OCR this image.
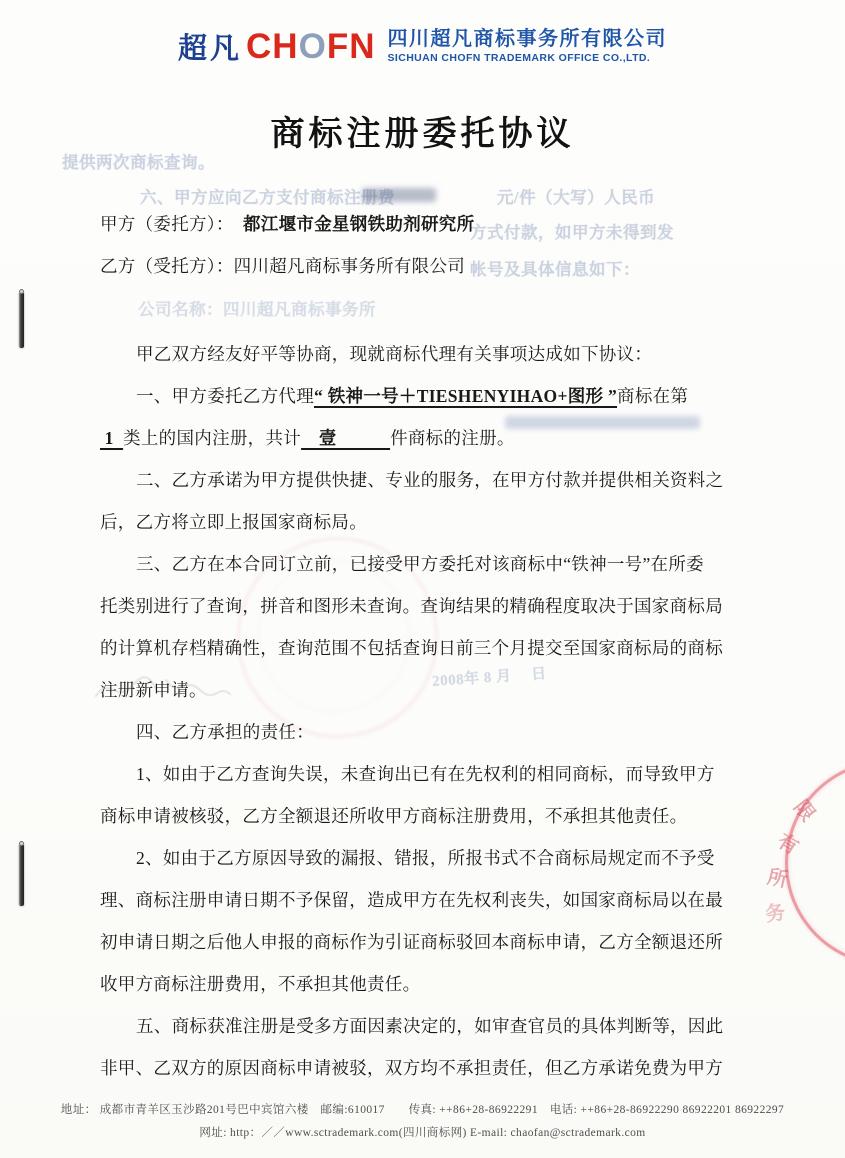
超凡 CHOFN 四川超凡商标事务所有限公司
SICHUAN CHOFN TRADEMARK OFFICE CO.,LTD.
商标注册委托协议
提供两次商标查询。
六、甲方应向乙方支付商标注册费　　　　　　元/件（大写）人民币
方式付款，如甲方未得到发
帐号及具体信息如下：
公司名称：四川超凡商标事务所
2008年 8 月　 日

甲方（委托方）：  都江堰市金星钢铁助剂研究所

乙方（受托方）：四川超凡商标事务所有限公司

甲乙双方经友好平等协商，现就商标代理有关事项达成如下协议：

一、甲方委托乙方代理“ 铁神一号＋TIESHENYIHAO+图形 ”商标在第

1  类上的国内注册，共计　壹　　　件商标的注册。

二、乙方承诺为甲方提供快捷、专业的服务，在甲方付款并提供相关资料之

后，乙方将立即上报国家商标局。

三、乙方在本合同订立前，已接受甲方委托对该商标中“铁神一号”在所委

托类别进行了查询，拼音和图形未查询。查询结果的精确程度取决于国家商标局

的计算机存档精确性，查询范围不包括查询日前三个月提交至国家商标局的商标

注册新申请。

四、乙方承担的责任：

1、如由于乙方查询失误，未查询出已有在先权利的相同商标，而导致甲方

商标申请被核驳，乙方全额退还所收甲方商标注册费用，不承担其他责任。

2、如由于乙方原因导致的漏报、错报，所报书式不合商标局规定而不予受

理、商标注册申请日期不予保留，造成甲方在先权利丧失，如国家商标局以在最

初申请日期之后他人申报的商标作为引证商标驳回本商标申请，乙方全额退还所

收甲方商标注册费用，不承担其他责任。

五、商标获准注册是受多方面因素决定的，如审查官员的具体判断等，因此

非甲、乙双方的原因商标申请被驳，双方均不承担责任，但乙方承诺免费为甲方

限
有
所
务
地址： 成都市青羊区玉沙路201号巴中宾馆六楼　邮编:610017　　传真: ++86+28-86922291　电话: ++86+28-86922290 86922201 86922297
网址: http：／／www.sctrademark.com(四川商标网) E-mail: chaofan@sctrademark.com
